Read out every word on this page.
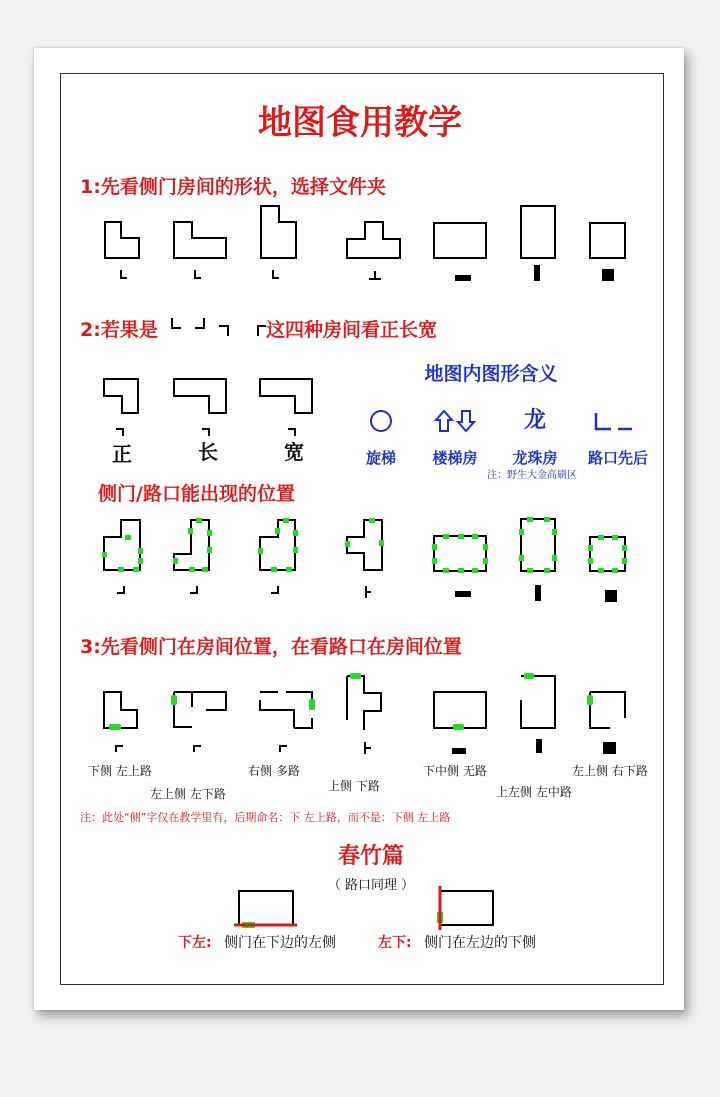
地图食用教学
1:先看侧门房间的形状，选择文件夹
2:若果是	这四种房间看正长宽
正	长	宽
地图内图形含义
龙
旋梯 楼梯房 龙珠房 路口先后
注：野生大金高刷区
侧门/路口能出现的位置
3:先看侧门在房间位置，在看路口在房间位置
下侧 左上路
左上侧 左下路
右侧 多路
上侧 下路
下中侧 无路
上左侧 左中路
左上侧 右下路
注：此处“侧”字仅在教学里有，后期命名：下 左上路，而不是：下侧 左上路
春竹篇
（ 路口同理 ）
下左: 侧门在下边的左侧	左下: 侧门在左边的下侧
